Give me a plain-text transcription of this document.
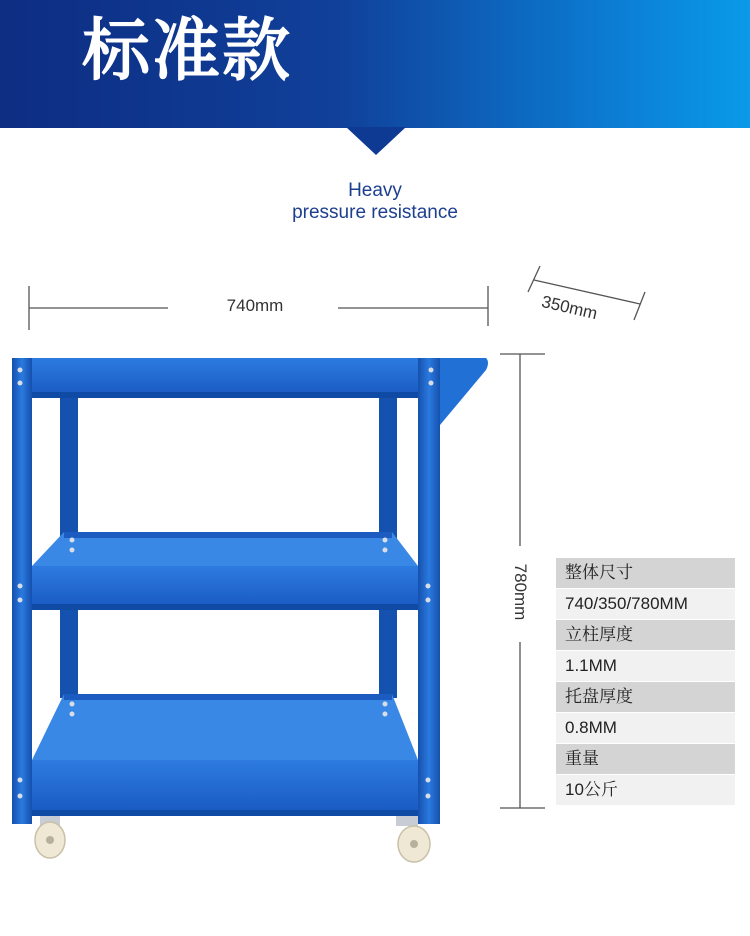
标准款
Heavy
pressure resistance
740mm	350mm
780mm	整体尺寸
740/350/780MM
立柱厚度
1.1MM
托盘厚度
0.8MM
重量
10公斤
